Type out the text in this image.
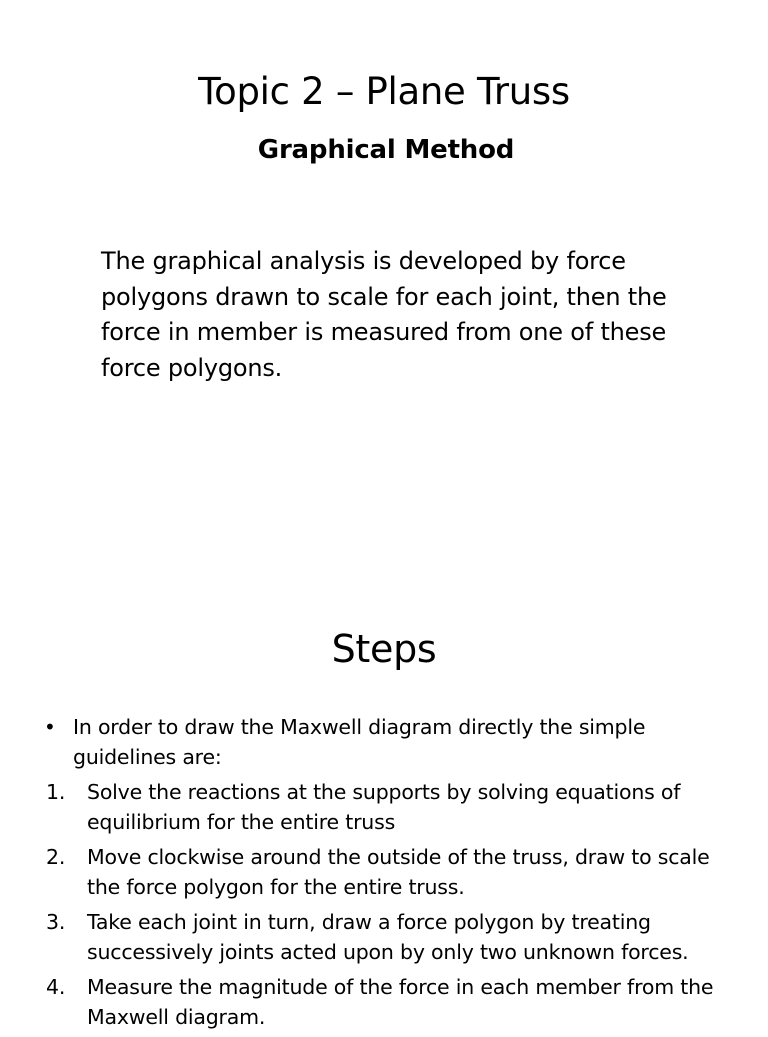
Topic 2 – Plane Truss
Graphical Method

The graphical analysis is developed by force polygons drawn to scale for each joint, then the force in member is measured from one of these force polygons.

Steps
• In order to draw the Maxwell diagram directly the simple guidelines are:
1.	Solve the reactions at the supports by solving equations of equilibrium for the entire truss
2.	Move clockwise around the outside of the truss, draw to scale the force polygon for the entire truss.
3.	Take each joint in turn, draw a force polygon by treating successively joints acted upon by only two unknown forces.
4.	Measure the magnitude of the force in each member from the Maxwell diagram.
